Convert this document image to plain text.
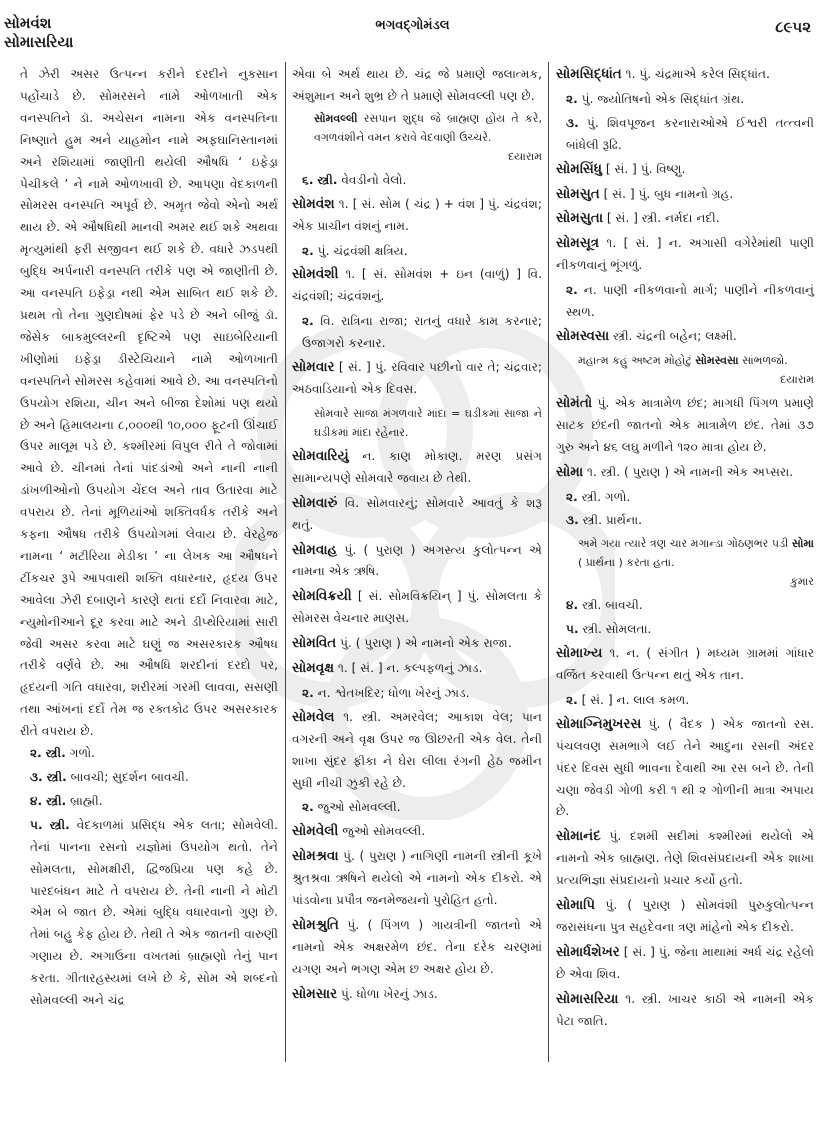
સોમવંશ
સોમાસરિયા
ભગવદ્ગોમંડલ	૮૯૫૨

તે ઝેરી અસર ઉત્પન્ન કરીને દરદીને નુકસાન પહોંચાડે છે. સોમરસને નામે ઓળખાતી એક વનસ્પતિને ડૉ. અચેસન નામના એક વનસ્પતિના નિષ્ણાતે હુમ અને યાહમોન નામે અફઘાનિસ્તાનમાં અને રશિયામાં જાણીતી થયેલી ઔષધિ ‘ ઇફેડ્રા પેચીકલે ’ ને નામે ઓળખાવી છે. આપણા વેદકાળની સોમરસ વનસ્પતિ અપૂર્વ છે. અમૃત જેવો એનો અર્થ થાય છે. એ ઔષધિથી માનવી અમર થઈ શકે અથવા મૃત્યુમાંથી ફરી સજીવન થઈ શકે છે. વધારે ઝડપથી બુદ્ધિ અર્પનારી વનસ્પતિ તરીકે પણ એ જાણીતી છે. આ વનસ્પતિ ઇફેડ્રા નથી એમ સાબિત થઈ શકે છે. પ્રથમ તો તેના ગુણદોષમાં ફેર પડે છે અને બીજું ડૉ. જેસેક બાકમુલ્લરની દૃષ્ટિએ પણ સાઇબેરિયાની ખીણોમાં ઇફેડ્રા ડીસ્ટેચિયાને નામે ઓળખાતી વનસ્પતિને સોમરસ કહેવામાં આવે છે. આ વનસ્પતિનો ઉપયોગ રશિયા, ચીન અને બીજા દેશોમાં પણ થયો છે અને હિમાલયના ૮,૦૦૦થી ૧૦,૦૦૦ ફૂટની ઊંચાઈ ઉપર માલૂમ પડે છે. કશ્મીરમાં વિપુલ રીતે તે જોવામાં આવે છે. ચીનમાં તેનાં પાંદડાંઓ અને નાની નાની ડાંખળીઓનો ઉપયોગ ચેંદલ અને તાવ ઉતારવા માટે વપરાય છે. તેનાં મૂળિયાંઓ શક્તિવર્ધક તરીકે અને કફના ઔષધ તરીકે ઉપયોગમાં લેવાય છે. વેરહેજ નામના ‘ મટીરિયા મેડીકા ’ ના લેખક આ ઔષધને ટીંકચર રૂપે આપવાથી શક્તિ વધારનાર, હૃદય ઉપર આવેલા ઝેરી દબાણને કારણે થતાં દર્દો નિવારવા માટે, ન્યુમોનીઆને દૂર કરવા માટે અને ડીપ્થેરિયામાં સારી જેવી અસર કરવા માટે ઘણું જ અસરકારક ઔષધ તરીકે વર્ણવે છે. આ ઔષધિ શરદીનાં દરદો પર, હૃદયની ગતિ વધારવા, શરીરમાં ગરમી લાવવા, સસણી તથા આંખનાં દર્દો તેમ જ રક્તકોઢ ઉપર અસરકારક રીતે વપરાય છે.

૨. સ્ત્રી. ગળો.
૩. સ્ત્રી. બાવચી; સુદર્શન બાવચી.
૪. સ્ત્રી. બ્રાહ્મી.
૫. સ્ત્રી. વેદકાળમાં પ્રસિદ્ધ એક લતા; સોમવેલી. તેનાં પાનના રસનો યજ્ઞોમાં ઉપયોગ થતો. તેને સોમલતા, સોમક્ષીરી, દ્વિજપ્રિયા પણ કહે છે. પારદબંધન માટે તે વપરાય છે. તેની નાની ને મોટી એમ બે જાત છે. એમાં બુદ્ધિ વધારવાનો ગુણ છે. તેમાં બહુ કેફ હોય છે. તેથી તે એક જાતની વારુણી ગણાય છે. અગાઉના વખતમાં બ્રાહ્મણો તેનું પાન કરતા. ગીતારહસ્યમાં લખે છે કે, સોમ એ શબ્દનો સોમવલ્લી અને ચંદ્ર

એવા બે અર્થ થાય છે. ચંદ્ર જે પ્રમાણે જલાત્મક, અંશુમાન અને શુભ્ર છે તે પ્રમાણે સોમવલ્લી પણ છે.

સોમવલ્લી રસપાન શુદ્ધ જે બ્રાહ્મણ હોય તે કરે, વગળવંશીને વમન કરાવે વેદવાણી ઉચ્ચરે.
દયારામ
૬. સ્ત્રી. વેવડીનો વેલો.
સોમવંશ ૧. [ સં. સોમ ( ચંદ્ર ) + વંશ ] પું. ચંદ્રવંશ; એક પ્રાચીન વંશનું નામ.
૨. પું. ચંદ્રવંશી ક્ષત્રિય.
સોમવંશી ૧. [ સં. સોમવંશ + ઇન (વાળું) ] વિ. ચંદ્રવંશી; ચંદ્રવંશનું.
૨. વિ. રાત્રિના રાજા; રાતનું વધારે કામ કરનાર; ઉજાગરો કરનાર.
સોમવાર [ સં. ] પું. રવિવાર પછીનો વાર તે; ચંદ્રવાર; અઠવાડિયાનો એક દિવસ.
સોમવારે સાજા મંગળવારે માંદા = ઘડીકમાં સાજા ને ઘડીકમાં માંદા રહેનાર.
સોમવારિયું ન. કાણ મોકાણ. મરણ પ્રસંગ સામાન્યપણે સોમવારે જવાય છે તેથી.
સોમવારું વિ. સોમવારનું; સોમવારે આવતું કે શરૂ થતું.
સોમવાહ પું. ( પુરાણ ) અગસ્ત્ય કુલોત્પન્ન એ નામના એક ઋષિ.
સોમવિક્રયી [ સં. સોમવિક્રયિન્ ] પું. સોમલતા કે સોમરસ વેચનાર માણસ.
સોમવિત પું. ( પુરાણ ) એ નામનો એક રાજા.
સોમવૃક્ષ ૧. [ સં. ] ન. કલ્પફળનું ઝાડ.
૨. ન. શ્વેતખદિર; ધોળા ખેરનું ઝાડ.
સોમવેલ ૧. સ્ત્રી. અમરવેલ; આકાશ વેલ; પાન વગરની અને વૃક્ષ ઉપર જ ઊછરતી એક વેલ. તેની શાખા સુંદર ફીકા ને ઘેરા લીલા રંગની હેઠ જમીન સુધી નીચી ઝુકી રહે છે.
૨. જુઓ સોમવલ્લી.
સોમવેલી જુઓ સોમવલ્લી.
સોમશ્રવા પું. ( પુરાણ ) નાગિણી નામની સ્ત્રીની કૂખે શ્રુતશ્રવા ઋષિને થયેલો એ નામનો એક દીકરો. એ પાંડવોના પ્રપૌત્ર જનમેજયનો પુરોહિત હતો.
સોમશ્રુતિ પું. ( પિંગળ ) ગાયત્રીની જાતનો એ નામનો એક અક્ષરમેળ છંદ. તેના દરેક ચરણમાં યગણ અને ભગણ એમ છ અક્ષર હોય છે.
સોમસાર પું. ધોળા ખેરનું ઝાડ.
સોમસિદ્ધાંત ૧. પું. ચંદ્રમાએ કરેલ સિદ્ધાંત.
૨. પું. જ્યોતિષનો એક સિદ્ધાંત ગ્રંથ.
૩. પું. શિવપૂજન કરનારાઓએ ઈશ્વરી તત્ત્વની બાંધેલી રૂઢિ.
સોમસિંધુ [ સં. ] પું. વિષ્ણુ.
સોમસુત [ સં. ] પું. બુધ નામનો ગ્રહ.
સોમસુતા [ સં. ] સ્ત્રી. નર્મદા નદી.
સોમસૂત્ર ૧. [ સં. ] ન. અગાસી વગેરેમાંથી પાણી નીકળવાનું ભૂંગળું.
૨. ન. પાણી નીકળવાનો માર્ગ; પાણીને નીકળવાનું સ્થળ.
સોમસ્વસા સ્ત્રી. ચંદ્રની બહેન; લક્ષ્મી.
મહાત્મ કહું અષ્ટમ મોહોટું સોમસ્વસા સાંભળજો.
દયારામ
સોમંતો પું. એક માત્રામેળ છંદ; માગધી પિંગળ પ્રમાણે સાટક છંદની જાતનો એક માત્રામેળ છંદ. તેમાં ૩૭ ગુરુ અને ૪૬ લઘુ મળીને ૧૨૦ માત્રા હોય છે.
સોમા ૧. સ્ત્રી. ( પુરાણ ) એ નામની એક અપ્સરા.
૨. સ્ત્રી. ગળો.
૩. સ્ત્રી. પ્રાર્થના.
અમે ગયા ત્યારે ત્રણ ચાર મગાન્ડા ગોઠણભર પડી સોમા ( પ્રાર્થના ) કરતા હતા.
કુમાર
૪. સ્ત્રી. બાવચી.
૫. સ્ત્રી. સોમલતા.
સોમાખ્ય ૧. ન. ( સંગીત ) મધ્યમ ગ્રામમાં ગાંધાર વર્જિત કરવાથી ઉત્પન્ન થતું એક તાન.
૨. [ સં. ] ન. લાલ કમળ.
સોમાગ્નિમુખરસ પું. ( વૈદક ) એક જાતનો રસ. પંચલવણ સમભાગે લઈ તેને આદુના રસની અંદર પંદર દિવસ સુધી ભાવના દેવાથી આ રસ બને છે. તેની ચણા જેવડી ગોળી કરી ૧ થી ૨ ગોળીની માત્રા અપાય છે.
સોમાનંદ પું. દશમી સદીમાં કશ્મીરમાં થયેલો એ નામનો એક બ્રાહ્મણ. તેણે શિવસંપ્રદાયની એક શાખા પ્રત્યભિજ્ઞા સંપ્રદાયનો પ્રચાર કર્યો હતો.
સોમાપિ પું. ( પુરાણ ) સોમવંશી પુરુકુલોત્પન્ન જરાસંધના પુત્ર સહદેવના ત્રણ માંહેનો એક દીકરો.
સોમાર્ધશેખર [ સં. ] પું. જેના માથામાં અર્ધ ચંદ્ર રહેલો છે એવા શિવ.
સોમાસરિયા ૧. સ્ત્રી. ખાચર કાઠી એ નામની એક પેટા જાતિ.
